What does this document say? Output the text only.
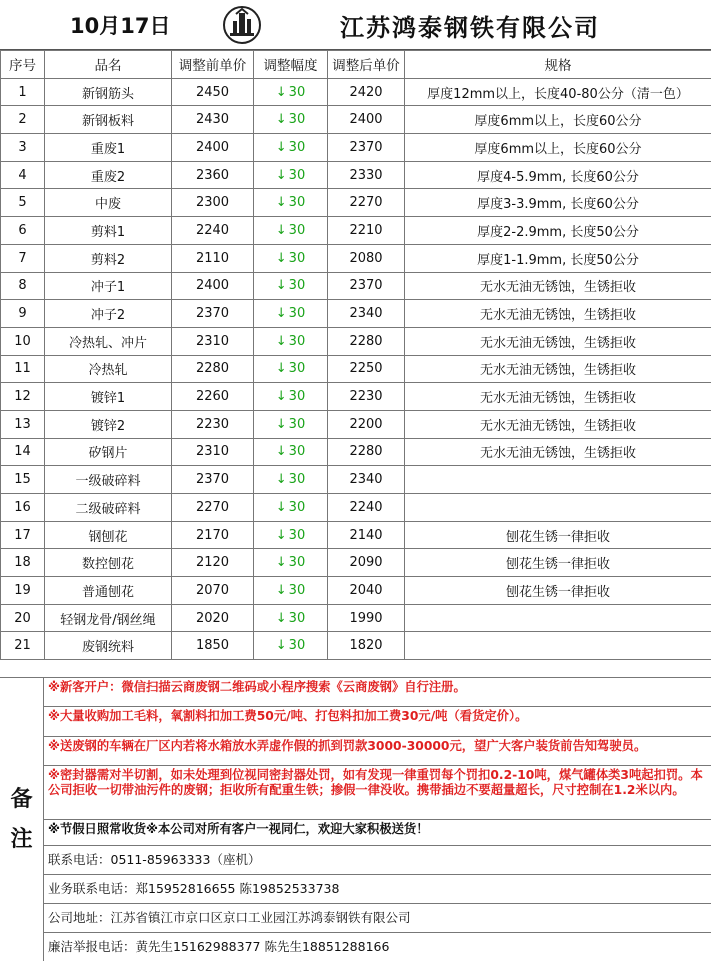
10月17日	江苏鸿泰钢铁有限公司
序号	品名	调整前单价	调整幅度	调整后单价	规格
1	新钢筋头	2450	↓ 30	2420	厚度12mm以上，长度40-80公分（清一色）
2	新钢板料	2430	↓ 30	2400	厚度6mm以上，长度60公分
3	重废1	2400	↓ 30	2370	厚度6mm以上，长度60公分
4	重废2	2360	↓ 30	2330	厚度4-5.9mm, 长度60公分
5	中废	2300	↓ 30	2270	厚度3-3.9mm, 长度60公分
6	剪料1	2240	↓ 30	2210	厚度2-2.9mm, 长度50公分
7	剪料2	2110	↓ 30	2080	厚度1-1.9mm, 长度50公分
8	冲子1	2400	↓ 30	2370	无水无油无锈蚀，生锈拒收
9	冲子2	2370	↓ 30	2340	无水无油无锈蚀，生锈拒收
10	冷热轧、冲片	2310	↓ 30	2280	无水无油无锈蚀，生锈拒收
11	冷热轧	2280	↓ 30	2250	无水无油无锈蚀，生锈拒收
12	镀锌1	2260	↓ 30	2230	无水无油无锈蚀，生锈拒收
13	镀锌2	2230	↓ 30	2200	无水无油无锈蚀，生锈拒收
14	矽钢片	2310	↓ 30	2280	无水无油无锈蚀，生锈拒收
15	一级破碎料	2370	↓ 30	2340	
16	二级破碎料	2270	↓ 30	2240	
17	钢刨花	2170	↓ 30	2140	刨花生锈一律拒收
18	数控刨花	2120	↓ 30	2090	刨花生锈一律拒收
19	普通刨花	2070	↓ 30	2040	刨花生锈一律拒收
20	轻钢龙骨/钢丝绳	2020	↓ 30	1990	
21	废钢统料	1850	↓ 30	1820	
备
注
※新客开户：微信扫描云商废钢二维码或小程序搜索《云商废钢》自行注册。
※大量收购加工毛料，氧割料扣加工费50元/吨、打包料扣加工费30元/吨（看货定价）。
※送废钢的车辆在厂区内若将水箱放水弄虚作假的抓到罚款3000-30000元，望广大客户装货前告知驾驶员。
※密封器需对半切割，如未处理到位视同密封器处罚，如有发现一律重罚每个罚扣0.2-10吨，煤气罐体类3吨起扣罚。本公司拒收一切带油污件的废钢；拒收所有配重生铁；掺假一律没收。携带插边不要超量超长，尺寸控制在1.2米以内。
※节假日照常收货※本公司对所有客户一视同仁，欢迎大家积极送货！
联系电话：0511-85963333（座机）
业务联系电话：郑15952816655 陈19852533738
公司地址：江苏省镇江市京口区京口工业园江苏鸿泰钢铁有限公司
廉洁举报电话：黄先生15162988377 陈先生18851288166
